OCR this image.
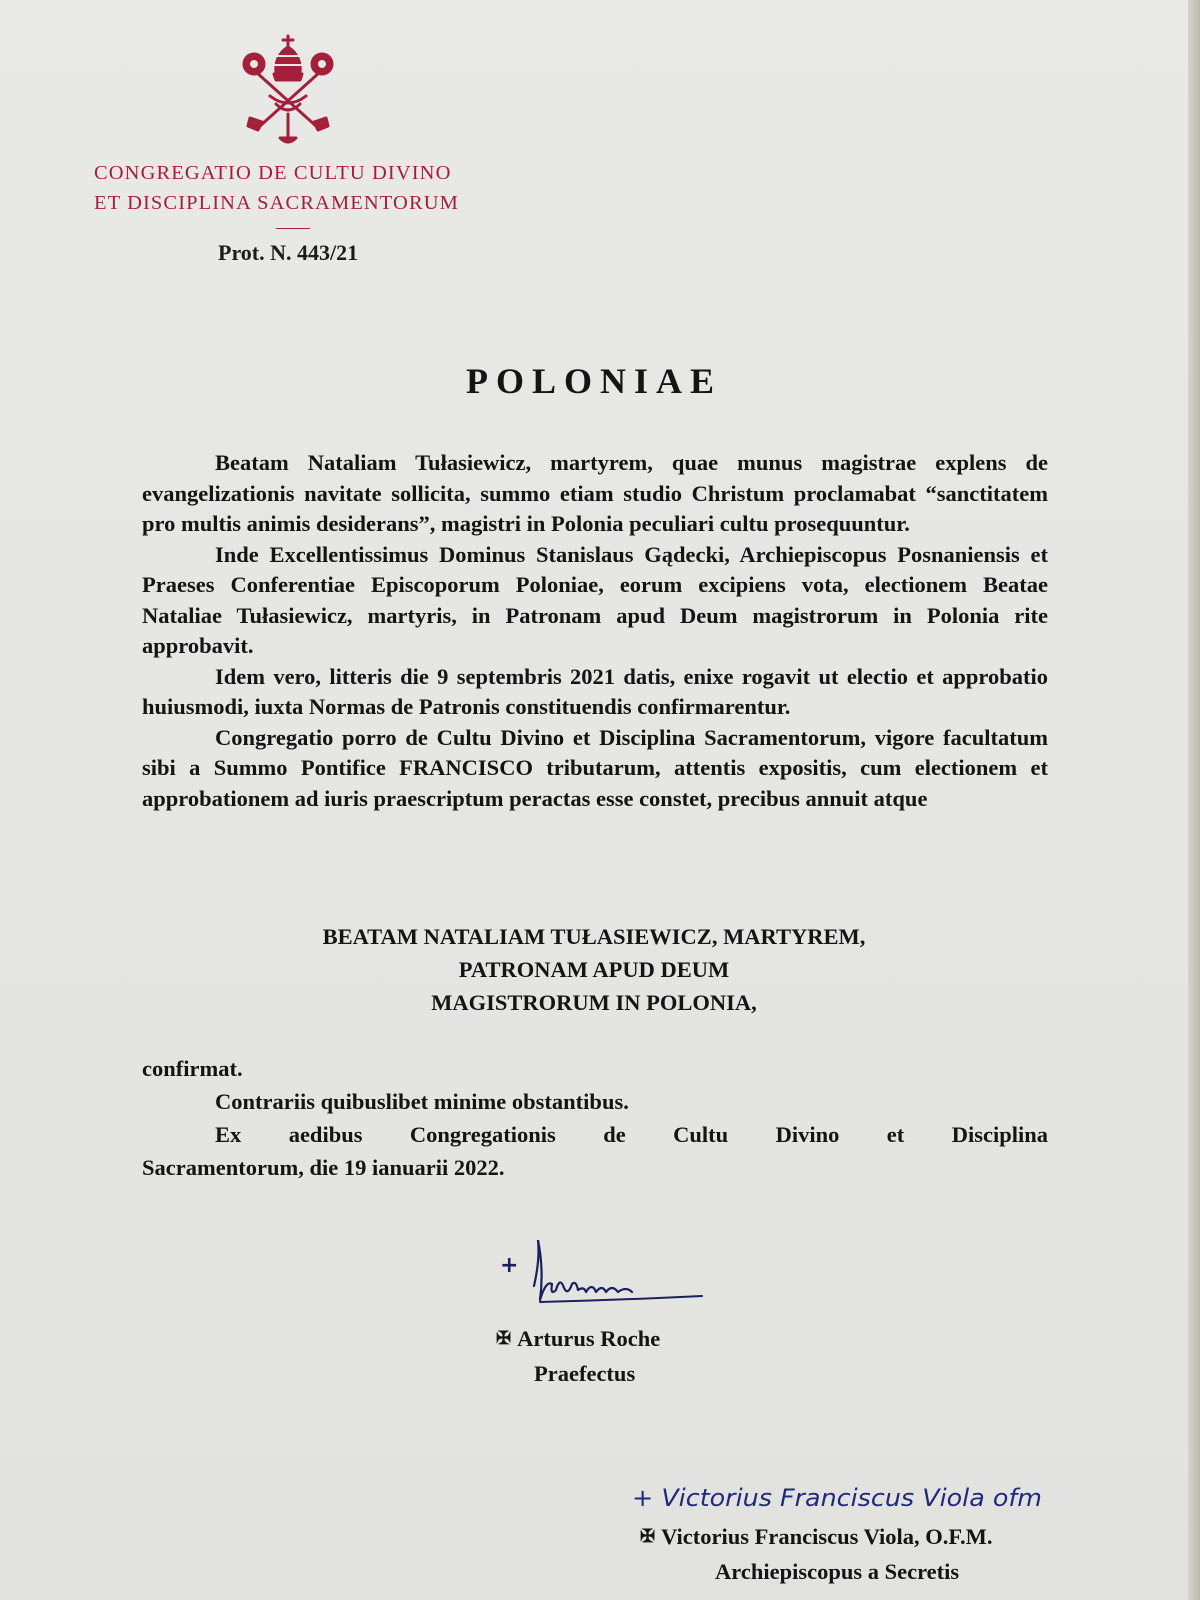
CONGREGATIO DE CULTU DIVINO
ET DISCIPLINA SACRAMENTORUM
Prot. N. 443/21
POLONIAE

Beatam Nataliam Tułasiewicz, martyrem, quae munus magistrae explens de evangelizationis navitate sollicita, summo etiam studio Christum proclamabat “sanctitatem pro multis animis desiderans”, magistri in Polonia peculiari cultu prosequuntur.

Inde Excellentissimus Dominus Stanislaus Gądecki, Archiepiscopus Posnaniensis et Praeses Conferentiae Episcoporum Poloniae, eorum excipiens vota, electionem Beatae Nataliae Tułasiewicz, martyris, in Patronam apud Deum magistrorum in Polonia rite approbavit.

Idem vero, litteris die 9 septembris 2021 datis, enixe rogavit ut electio et approbatio huiusmodi, iuxta Normas de Patronis constituendis confirmarentur.

Congregatio porro de Cultu Divino et Disciplina Sacramentorum, vigore facultatum sibi a Summo Pontifice FRANCISCO tributarum, attentis expositis, cum electionem et approbationem ad iuris praescriptum peractas esse constet, precibus annuit atque

BEATAM NATALIAM TUŁASIEWICZ, MARTYREM,
PATRONAM APUD DEUM
MAGISTRORUM IN POLONIA,

confirmat.

Contrariis quibuslibet minime obstantibus.

Ex aedibus Congregationis de Cultu Divino et Disciplina

Sacramentorum, die 19 ianuarii 2022.

+
✠ Arturus Roche
Praefectus
+ Victorius Franciscus Viola ofm
✠ Victorius Franciscus Viola, O.F.M.
Archiepiscopus a Secretis
